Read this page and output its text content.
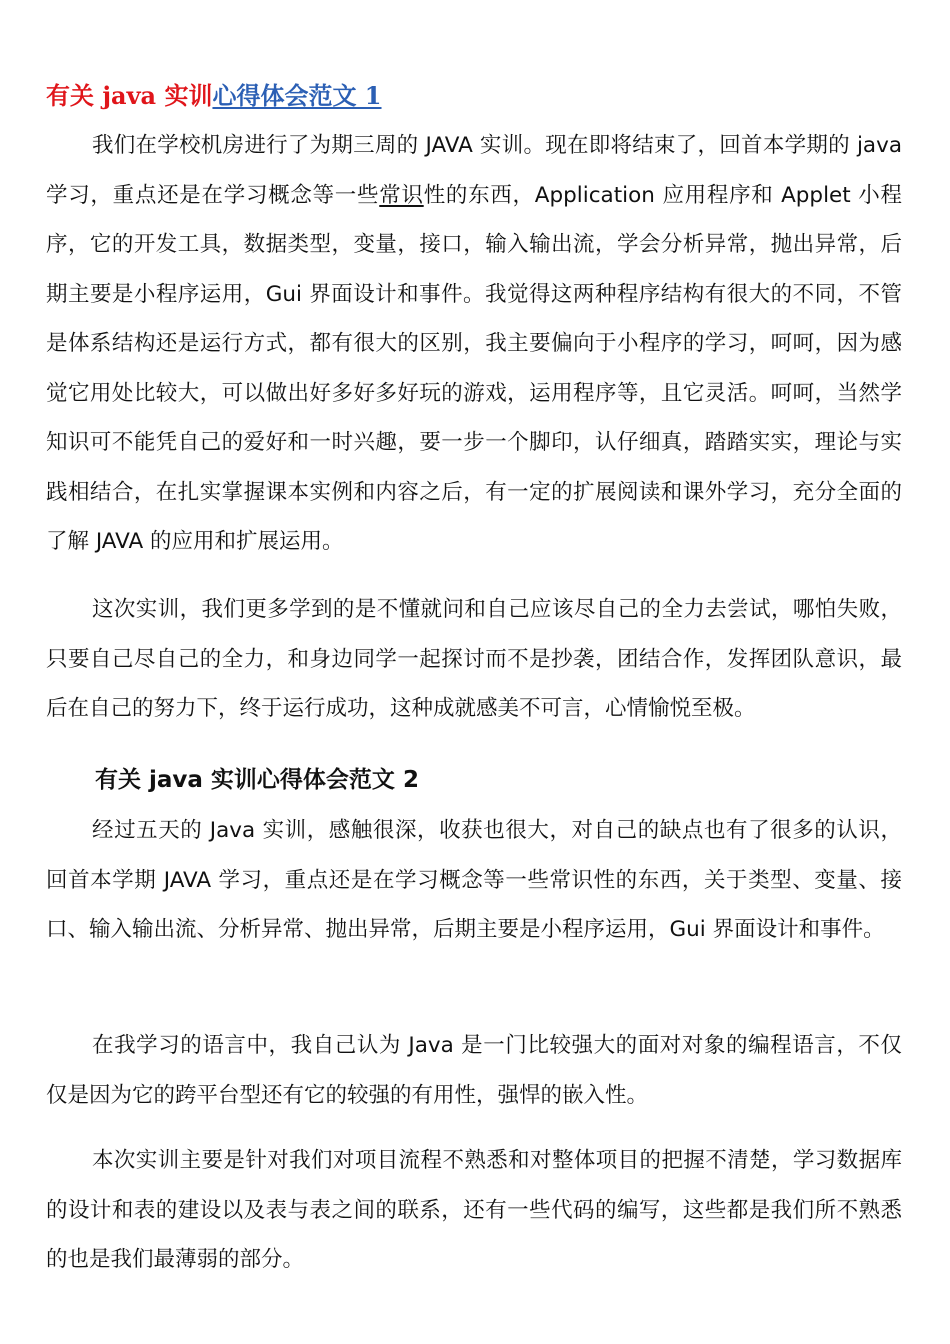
有关 java 实训心得体会范文 1

我们在学校机房进行了为期三周的 JAVA 实训。现在即将结束了，回首本学期的 java 学习，重点还是在学习概念等一些常识性的东西，Application 应用程序和 Applet 小程序，它的开发工具，数据类型，变量，接口，输入输出流，学会分析异常，抛出异常，后期主要是小程序运用，Gui 界面设计和事件。我觉得这两种程序结构有很大的不同，不管是体系结构还是运行方式，都有很大的区别，我主要偏向于小程序的学习，呵呵，因为感觉它用处比较大，可以做出好多好多好玩的游戏，运用程序等，且它灵活。呵呵，当然学知识可不能凭自己的爱好和一时兴趣，要一步一个脚印，认仔细真，踏踏实实，理论与实践相结合，在扎实掌握课本实例和内容之后，有一定的扩展阅读和课外学习，充分全面的了解 JAVA 的应用和扩展运用。

这次实训，我们更多学到的是不懂就问和自己应该尽自己的全力去尝试，哪怕失败，只要自己尽自己的全力，和身边同学一起探讨而不是抄袭，团结合作，发挥团队意识，最后在自己的努力下，终于运行成功，这种成就感美不可言，心情愉悦至极。

有关 java 实训心得体会范文 2

经过五天的 Java 实训，感触很深，收获也很大，对自己的缺点也有了很多的认识，回首本学期 JAVA 学习，重点还是在学习概念等一些常识性的东西，关于类型、变量、接口、输入输出流、分析异常、抛出异常，后期主要是小程序运用，Gui 界面设计和事件。

在我学习的语言中，我自己认为 Java 是一门比较强大的面对对象的编程语言，不仅仅是因为它的跨平台型还有它的较强的有用性，强悍的嵌入性。

本次实训主要是针对我们对项目流程不熟悉和对整体项目的把握不清楚，学习数据库的设计和表的建设以及表与表之间的联系，还有一些代码的编写，这些都是我们所不熟悉的也是我们最薄弱的部分。
